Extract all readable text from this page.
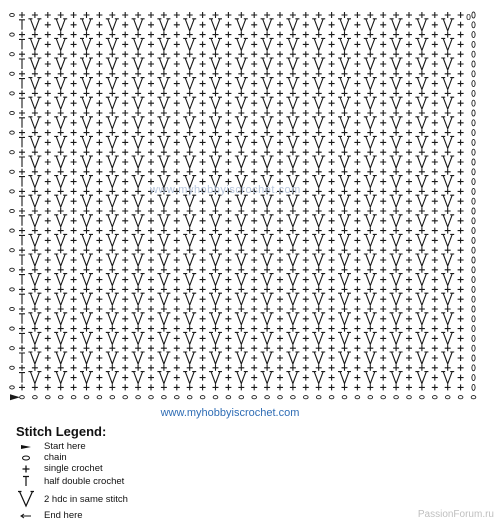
0
www.myhobbyiscrochet.com
www.myhobbyiscrochet.com
Stitch Legend:
Start here
chain
single crochet
half double crochet
2 hdc in same stitch
End here	PassionForum.ru
